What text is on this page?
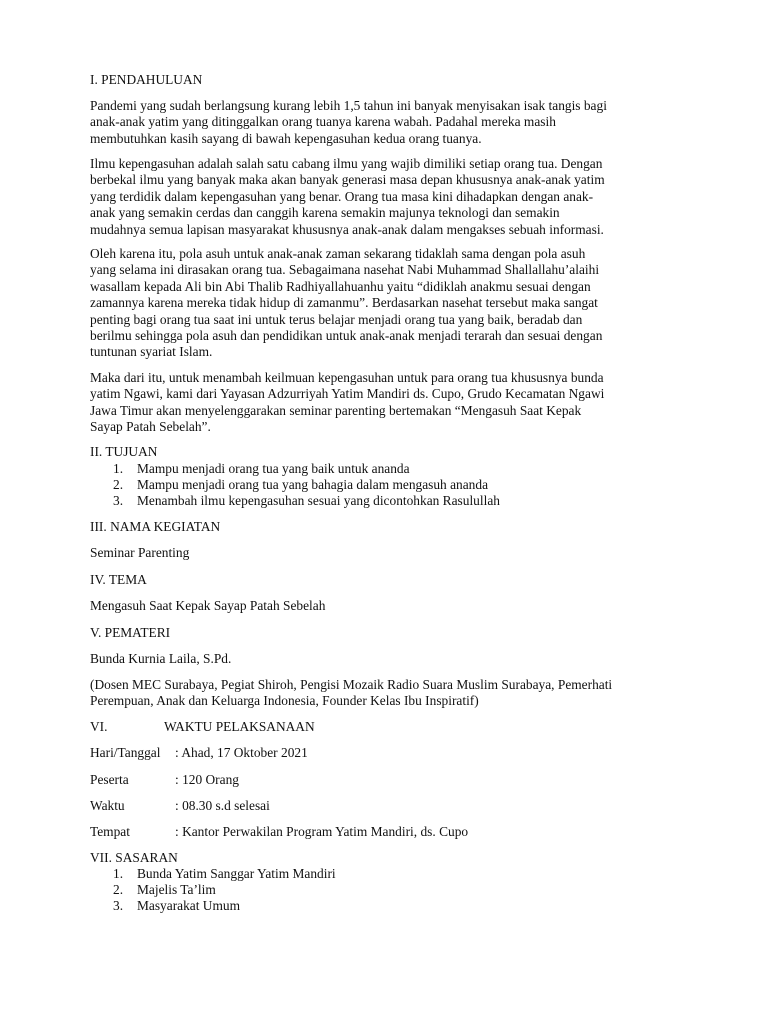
I. PENDAHULUAN

Pandemi yang sudah berlangsung kurang lebih 1,5 tahun ini banyak menyisakan isak tangis bagi
anak-anak yatim yang ditinggalkan orang tuanya karena wabah. Padahal mereka masih
membutuhkan kasih sayang di bawah kepengasuhan kedua orang tuanya.
Ilmu kepengasuhan adalah salah satu cabang ilmu yang wajib dimiliki setiap orang tua. Dengan
berbekal ilmu yang banyak maka akan banyak generasi masa depan khususnya anak-anak yatim
yang terdidik dalam kepengasuhan yang benar. Orang tua masa kini dihadapkan dengan anak-
anak yang semakin cerdas dan canggih karena semakin majunya teknologi dan semakin
mudahnya semua lapisan masyarakat khususnya anak-anak dalam mengakses sebuah informasi.
Oleh karena itu, pola asuh untuk anak-anak zaman sekarang tidaklah sama dengan pola asuh
yang selama ini dirasakan orang tua. Sebagaimana nasehat Nabi Muhammad Shallallahu’alaihi
wasallam kepada Ali bin Abi Thalib Radhiyallahuanhu yaitu “didiklah anakmu sesuai dengan
zamannya karena mereka tidak hidup di zamanmu”. Berdasarkan nasehat tersebut maka sangat
penting bagi orang tua saat ini untuk terus belajar menjadi orang tua yang baik, beradab dan
berilmu sehingga pola asuh dan pendidikan untuk anak-anak menjadi terarah dan sesuai dengan
tuntunan syariat Islam.
Maka dari itu, untuk menambah keilmuan kepengasuhan untuk para orang tua khususnya bunda
yatim Ngawi, kami dari Yayasan Adzurriyah Yatim Mandiri ds. Cupo, Grudo Kecamatan Ngawi
Jawa Timur akan menyelenggarakan seminar parenting bertemakan “Mengasuh Saat Kepak
Sayap Patah Sebelah”.

II. TUJUAN

1. Mampu menjadi orang tua yang baik untuk ananda
2. Mampu menjadi orang tua yang bahagia dalam mengasuh ananda
3. Menambah ilmu kepengasuhan sesuai yang dicontohkan Rasulullah

III. NAMA KEGIATAN

Seminar Parenting

IV. TEMA

Mengasuh Saat Kepak Sayap Patah Sebelah

V. PEMATERI

Bunda Kurnia Laila, S.Pd.

(Dosen MEC Surabaya, Pegiat Shiroh, Pengisi Mozaik Radio Suara Muslim Surabaya, Pemerhati
Perempuan, Anak dan Keluarga Indonesia, Founder Kelas Ibu Inspiratif)

VI.	WAKTU PELAKSANAAN

Hari/Tanggal : Ahad, 17 Oktober 2021

Peserta	: 120 Orang

Waktu	: 08.30 s.d selesai

Tempat	: Kantor Perwakilan Program Yatim Mandiri, ds. Cupo

VII. SASARAN

1. Bunda Yatim Sanggar Yatim Mandiri
2. Majelis Ta’lim
3. Masyarakat Umum
